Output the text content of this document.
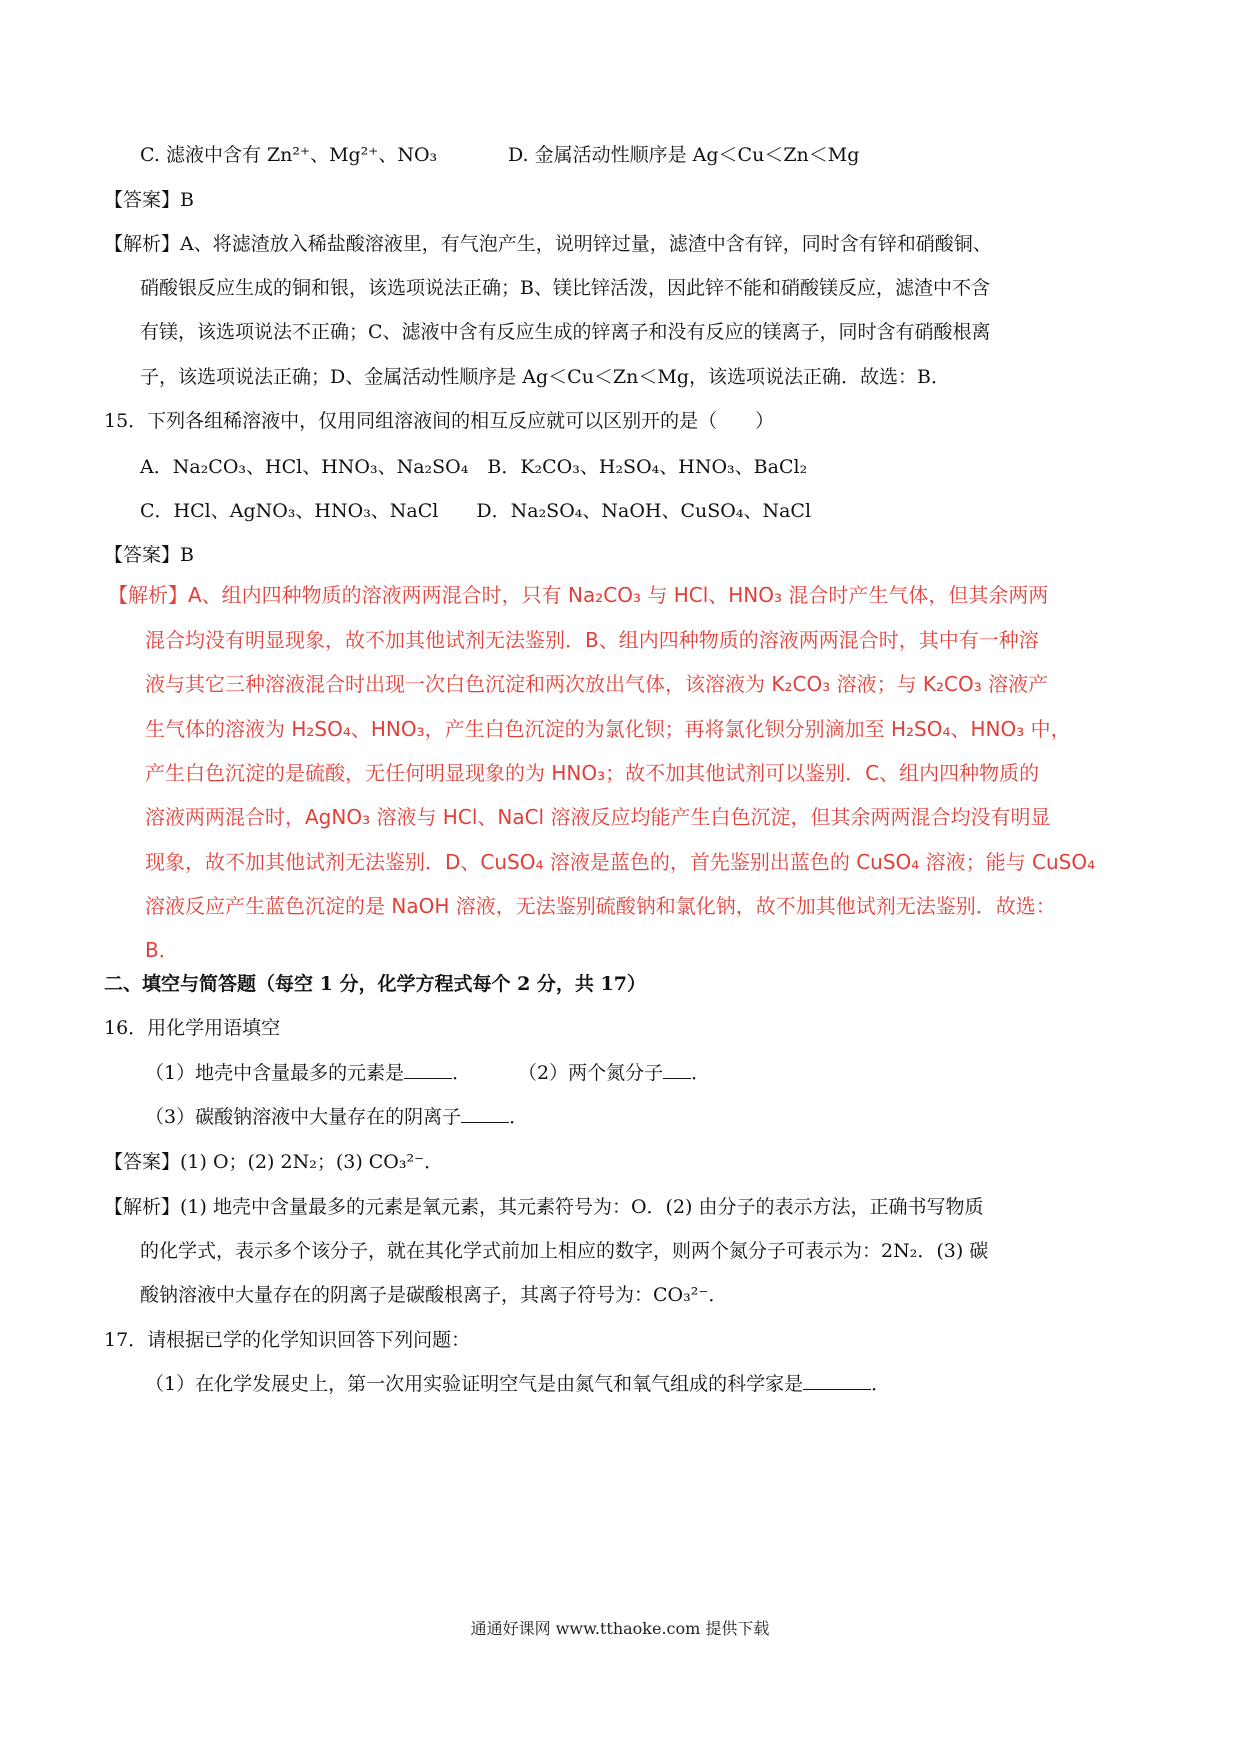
C. 滤液中含有 Zn²⁺、Mg²⁺、NO₃	D. 金属活动性顺序是 Ag＜Cu＜Zn＜Mg
【答案】B
【解析】A、将滤渣放入稀盐酸溶液里，有气泡产生，说明锌过量，滤渣中含有锌，同时含有锌和硝酸铜、
硝酸银反应生成的铜和银，该选项说法正确；B、镁比锌活泼，因此锌不能和硝酸镁反应，滤渣中不含
有镁，该选项说法不正确；C、滤液中含有反应生成的锌离子和没有反应的镁离子，同时含有硝酸根离
子，该选项说法正确；D、金属活动性顺序是 Ag＜Cu＜Zn＜Mg，该选项说法正确．故选：B．
15．下列各组稀溶液中，仅用同组溶液间的相互反应就可以区别开的是（　　）
A．Na₂CO₃、HCl、HNO₃、Na₂SO₄　B．K₂CO₃、H₂SO₄、HNO₃、BaCl₂
C．HCl、AgNO₃、HNO₃、NaCl　　D．Na₂SO₄、NaOH、CuSO₄、NaCl
【答案】B
【解析】A、组内四种物质的溶液两两混合时，只有 Na₂CO₃ 与 HCl、HNO₃ 混合时产生气体，但其余两两
混合均没有明显现象，故不加其他试剂无法鉴别．B、组内四种物质的溶液两两混合时，其中有一种溶
液与其它三种溶液混合时出现一次白色沉淀和两次放出气体，该溶液为 K₂CO₃ 溶液；与 K₂CO₃ 溶液产
生气体的溶液为 H₂SO₄、HNO₃，产生白色沉淀的为氯化钡；再将氯化钡分别滴加至 H₂SO₄、HNO₃ 中，
产生白色沉淀的是硫酸，无任何明显现象的为 HNO₃；故不加其他试剂可以鉴别．C、组内四种物质的
溶液两两混合时，AgNO₃ 溶液与 HCl、NaCl 溶液反应均能产生白色沉淀，但其余两两混合均没有明显
现象，故不加其他试剂无法鉴别．D、CuSO₄ 溶液是蓝色的，首先鉴别出蓝色的 CuSO₄ 溶液；能与 CuSO₄
溶液反应产生蓝色沉淀的是 NaOH 溶液，无法鉴别硫酸钠和氯化钠，故不加其他试剂无法鉴别．故选：
B．
二、填空与简答题（每空 1 分，化学方程式每个 2 分，共 17）
16．用化学用语填空
（1）地壳中含量最多的元素是	． （2）两个氮分子 ．
（3）碳酸钠溶液中大量存在的阴离子	．
【答案】(1) O；(2) 2N₂；(3) CO₃²⁻．
【解析】(1) 地壳中含量最多的元素是氧元素，其元素符号为：O．(2) 由分子的表示方法，正确书写物质
的化学式，表示多个该分子，就在其化学式前加上相应的数字，则两个氮分子可表示为：2N₂．(3) 碳
酸钠溶液中大量存在的阴离子是碳酸根离子，其离子符号为：CO₃²⁻．
17．请根据已学的化学知识回答下列问题：
（1）在化学发展史上，第一次用实验证明空气是由氮气和氧气组成的科学家是	．
通通好课网 www.tthaoke.com 提供下载
